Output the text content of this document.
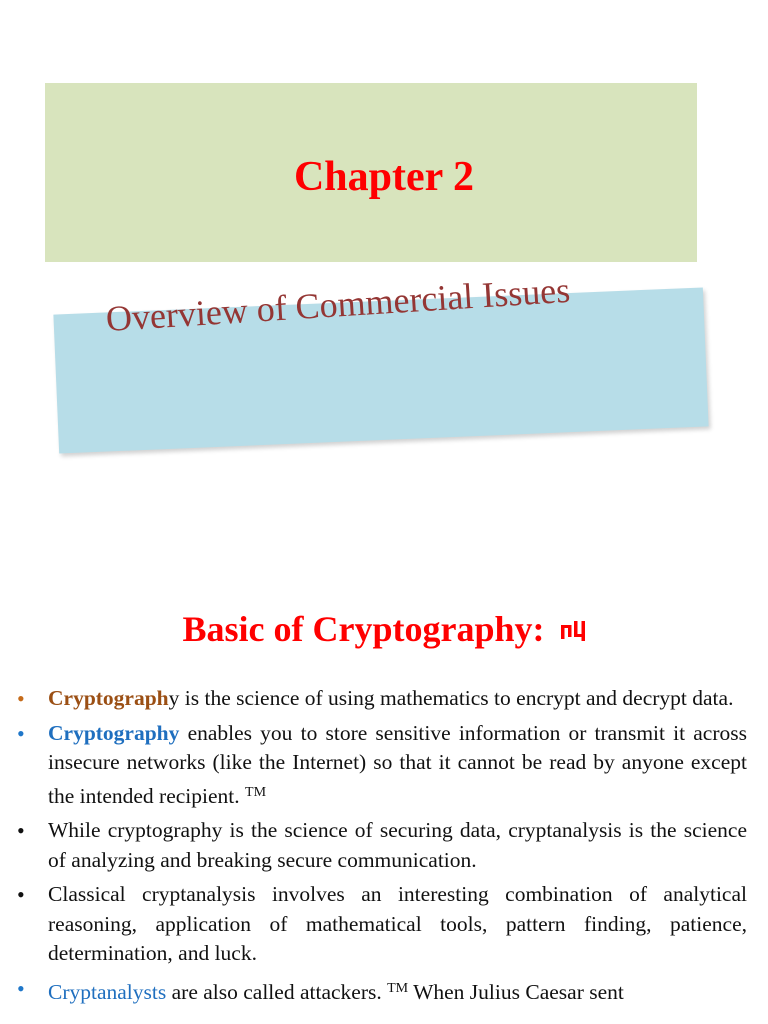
Chapter 2
Overview of Commercial Issues
Basic of Cryptography:
• Cryptography is the science of using mathematics to encrypt and decrypt data.
• Cryptography enables you to store sensitive information or transmit it across insecure networks (like the Internet) so that it cannot be read by anyone except the intended recipient. ™
• While cryptography is the science of securing data, cryptanalysis is the science of analyzing and breaking secure communication.
• Classical cryptanalysis involves an interesting combination of analytical reasoning, application of mathematical tools, pattern finding, patience, determination, and luck.
• Cryptanalysts are also called attackers. ™ When Julius Caesar sent
